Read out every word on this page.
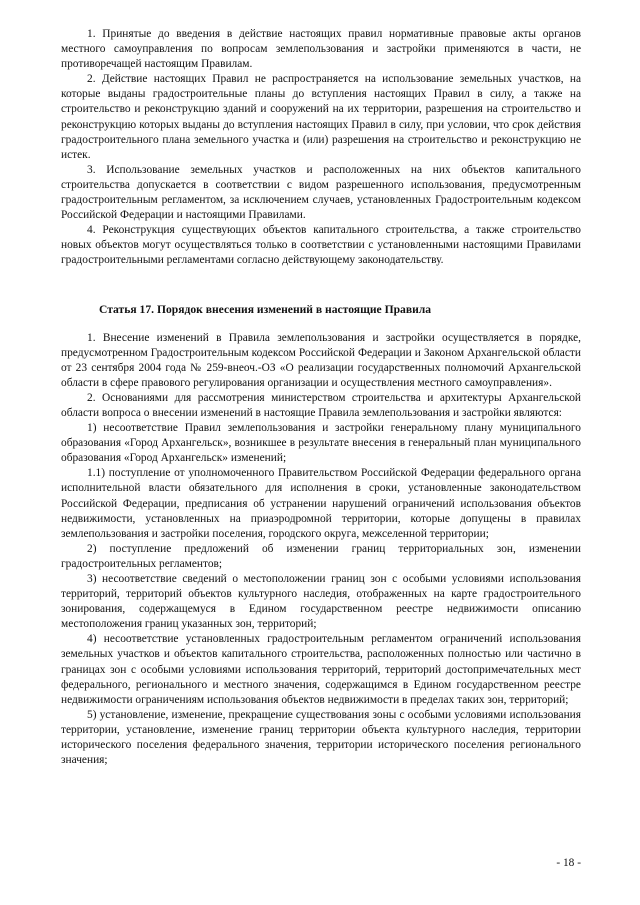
1. Принятые до введения в действие настоящих правил нормативные правовые акты органов местного самоуправления по вопросам землепользования и застройки применяются в части, не противоречащей настоящим Правилам.

2. Действие настоящих Правил не распространяется на использование земельных участков, на которые выданы градостроительные планы до вступления настоящих Правил в силу, а также на строительство и реконструкцию зданий и сооружений на их территории, разрешения на строительство и реконструкцию которых выданы до вступления настоящих Правил в силу, при условии, что срок действия градостроительного плана земельного участка и (или) разрешения на строительство и реконструкцию не истек.

3. Использование земельных участков и расположенных на них объектов капитального строительства допускается в соответствии с видом разрешенного использования, предусмотренным градостроительным регламентом, за исключением случаев, установленных Градостроительным кодексом Российской Федерации и настоящими Правилами.

4. Реконструкция существующих объектов капитального строительства, а также строительство новых объектов могут осуществляться только в соответствии с установленными настоящими Правилами градостроительными регламентами согласно действующему законодательству.

Статья 17. Порядок внесения изменений в настоящие Правила

1. Внесение изменений в Правила землепользования и застройки осуществляется в порядке, предусмотренном Градостроительным кодексом Российской Федерации и Законом Архангельской области от 23 сентября 2004 года № 259-внеоч.-ОЗ «О реализации государственных полномочий Архангельской области в сфере правового регулирования организации и осуществления местного самоуправления».

2. Основаниями для рассмотрения министерством строительства и архитектуры Архангельской области вопроса о внесении изменений в настоящие Правила землепользования и застройки являются:

1) несоответствие Правил землепользования и застройки генеральному плану муниципального образования «Город Архангельск», возникшее в результате внесения в генеральный план муниципального образования «Город Архангельск» изменений;

1.1) поступление от уполномоченного Правительством Российской Федерации федерального органа исполнительной власти обязательного для исполнения в сроки, установленные законодательством Российской Федерации, предписания об устранении нарушений ограничений использования объектов недвижимости, установленных на приаэродромной территории, которые допущены в правилах землепользования и застройки поселения, городского округа, межселенной территории;

2) поступление предложений об изменении границ территориальных зон, изменении градостроительных регламентов;

3) несоответствие сведений о местоположении границ зон с особыми условиями использования территорий, территорий объектов культурного наследия, отображенных на карте градостроительного зонирования, содержащемуся в Едином государственном реестре недвижимости описанию местоположения границ указанных зон, территорий;

4) несоответствие установленных градостроительным регламентом ограничений использования земельных участков и объектов капитального строительства, расположенных полностью или частично в границах зон с особыми условиями использования территорий, территорий достопримечательных мест федерального, регионального и местного значения, содержащимся в Едином государственном реестре недвижимости ограничениям использования объектов недвижимости в пределах таких зон, территорий;

5) установление, изменение, прекращение существования зоны с особыми условиями использования территории, установление, изменение границ территории объекта культурного наследия, территории исторического поселения федерального значения, территории исторического поселения регионального значения;

- 18 -
